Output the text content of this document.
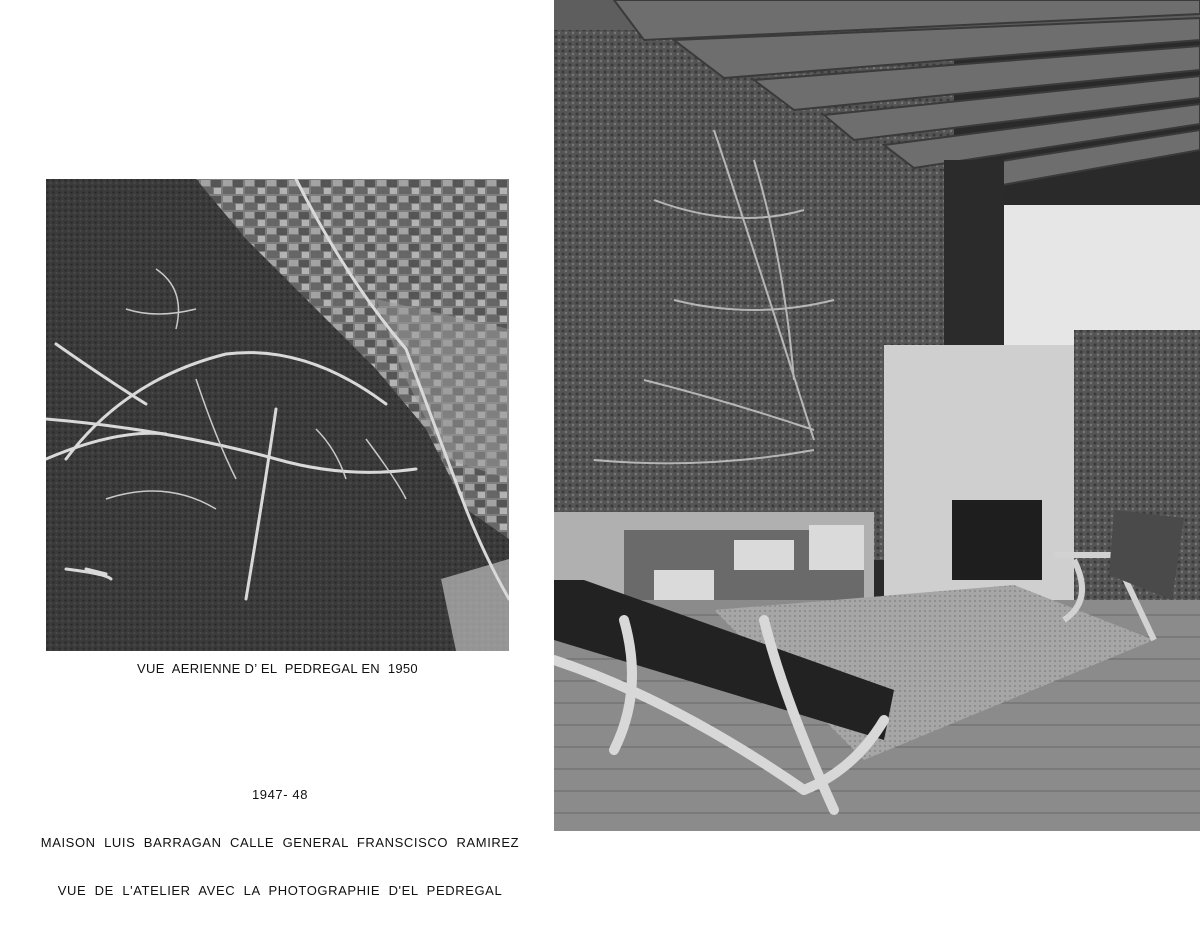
VUE  AERIENNE D’ EL  PEDREGAL EN  1950

1947- 48

MAISON  LUIS  BARRAGAN  CALLE  GENERAL  FRANSCISCO  RAMIREZ

VUE  DE  L'ATELIER  AVEC  LA  PHOTOGRAPHIE  D'EL  PEDREGAL
